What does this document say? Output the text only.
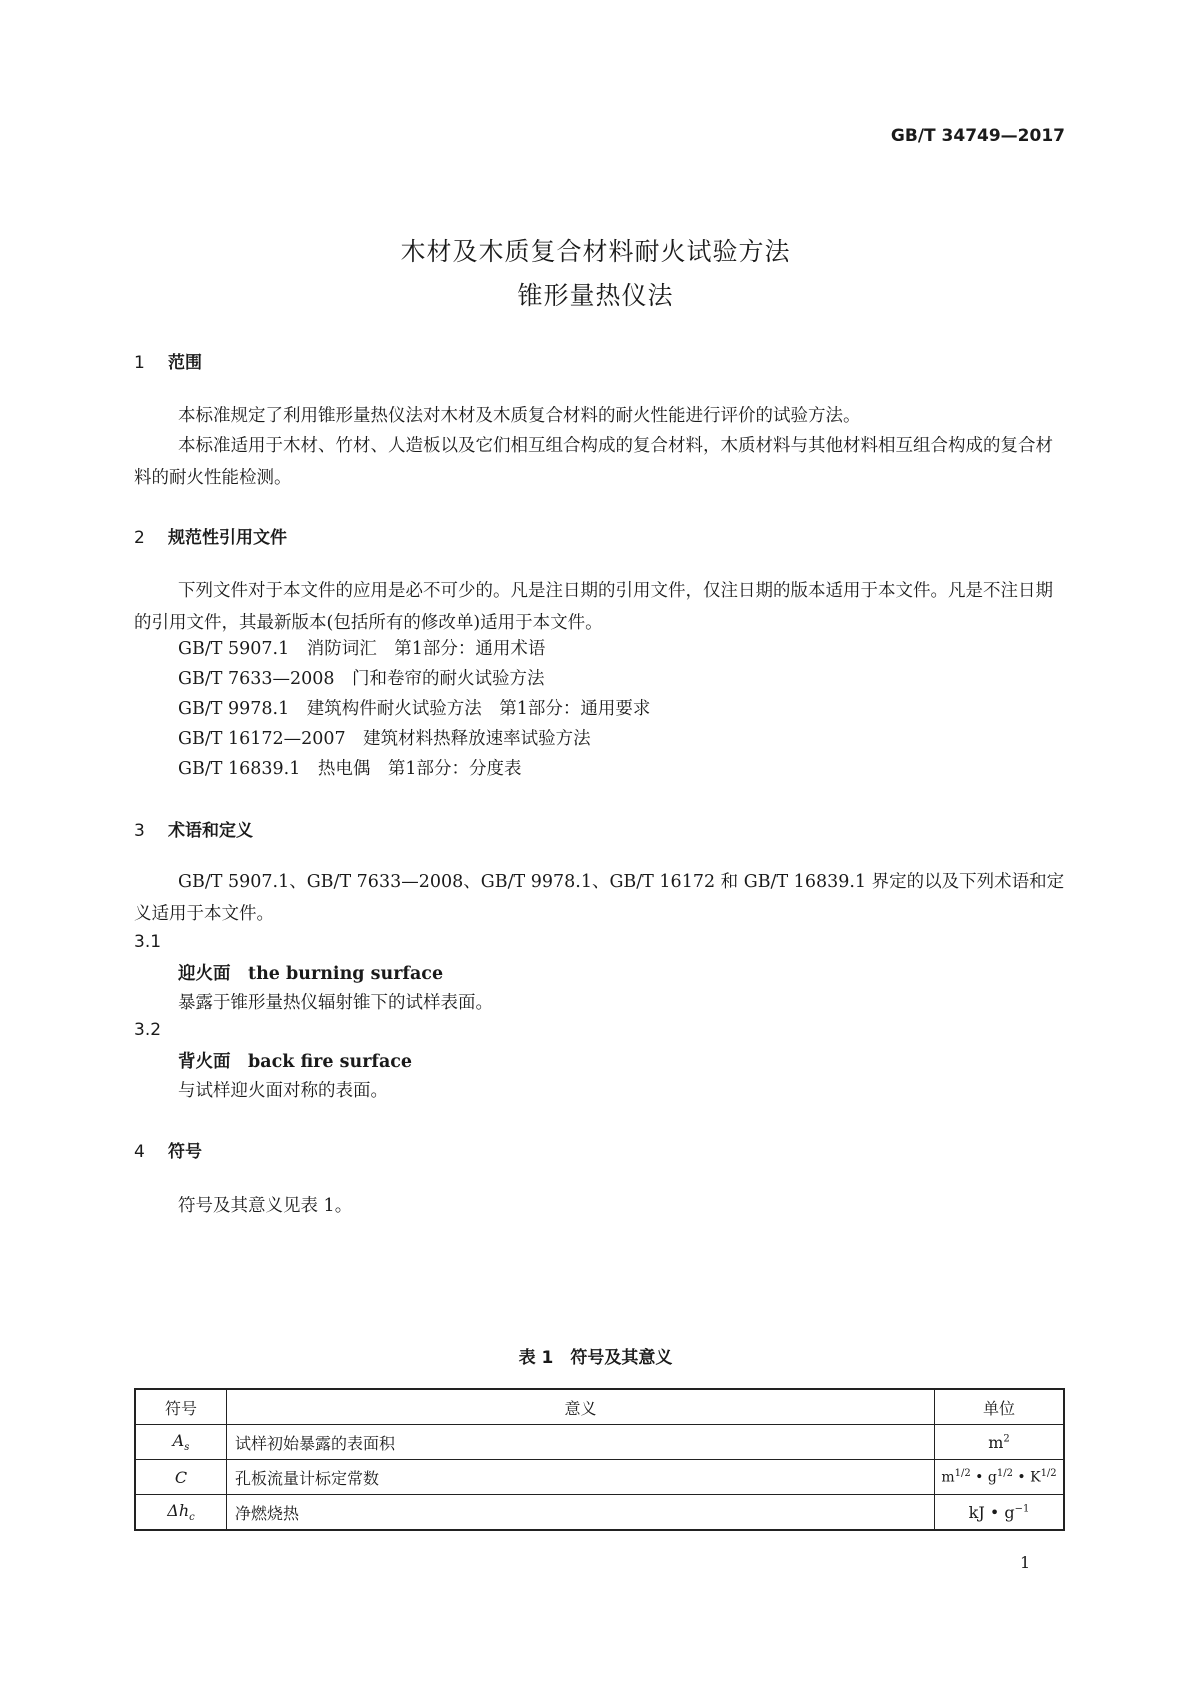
GB/T 34749—2017
木材及木质复合材料耐火试验方法
锥形量热仪法
1 范围
本标准规定了利用锥形量热仪法对木材及木质复合材料的耐火性能进行评价的试验方法。
本标准适用于木材、竹材、人造板以及它们相互组合构成的复合材料，木质材料与其他材料相互组合构成的复合材料的耐火性能检测。
2 规范性引用文件
下列文件对于本文件的应用是必不可少的。凡是注日期的引用文件，仅注日期的版本适用于本文件。凡是不注日期的引用文件，其最新版本(包括所有的修改单)适用于本文件。
GB/T 5907.1　消防词汇　第1部分：通用术语
GB/T 7633—2008　门和卷帘的耐火试验方法
GB/T 9978.1　建筑构件耐火试验方法　第1部分：通用要求
GB/T 16172—2007　建筑材料热释放速率试验方法
GB/T 16839.1　热电偶　第1部分：分度表
3 术语和定义
GB/T 5907.1、GB/T 7633—2008、GB/T 9978.1、GB/T 16172 和 GB/T 16839.1 界定的以及下列术语和定义适用于本文件。
3.1
迎火面　the burning surface
暴露于锥形量热仪辐射锥下的试样表面。
3.2
背火面　back fire surface
与试样迎火面对称的表面。
4 符号
符号及其意义见表 1。
表 1　符号及其意义
符号	意义	单位
$A_s$	试样初始暴露的表面积	$m^2$
C	孔板流量计标定常数	$m^{1/2}$ • $g^{1/2}$ • $K^{1/2}$
$\Delta h_c$	净燃烧热	kJ • $g^{-1}$
1
